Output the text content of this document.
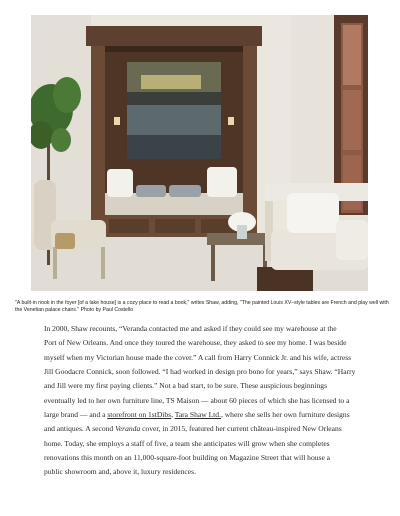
"A built-in nook in the foyer [of a lake house] is a cozy place to read a book," writes Shaw, adding, "The painted Louis XV–style tables are French and play well with the Venetian palace chairs." Photo by Paul Costello
In 2000, Shaw recounts, “Veranda contacted me and asked if they could see my warehouse at the
Port of New Orleans. And once they toured the warehouse, they asked to see my home. I was beside
myself when my Victorian house made the cover.” A call from Harry Connick Jr. and his wife, actress
Jill Goodacre Connick, soon followed. “I had worked in design pro bono for years,” says Shaw. “Harry
and Jill were my first paying clients.” Not a bad start, to be sure. These auspicious beginnings
eventually led to her own furniture line, TS Maison — about 60 pieces of which she has licensed to a
large brand — and a storefront on 1stDibs, Tara Shaw Ltd., where she sells her own furniture designs
and antiques. A second Veranda cover, in 2015, featured her current château-inspired New Orleans
home. Today, she employs a staff of five, a team she anticipates will grow when she completes
renovations this month on an 11,000-square-foot building on Magazine Street that will house a
public showroom and, above it, luxury residences.
